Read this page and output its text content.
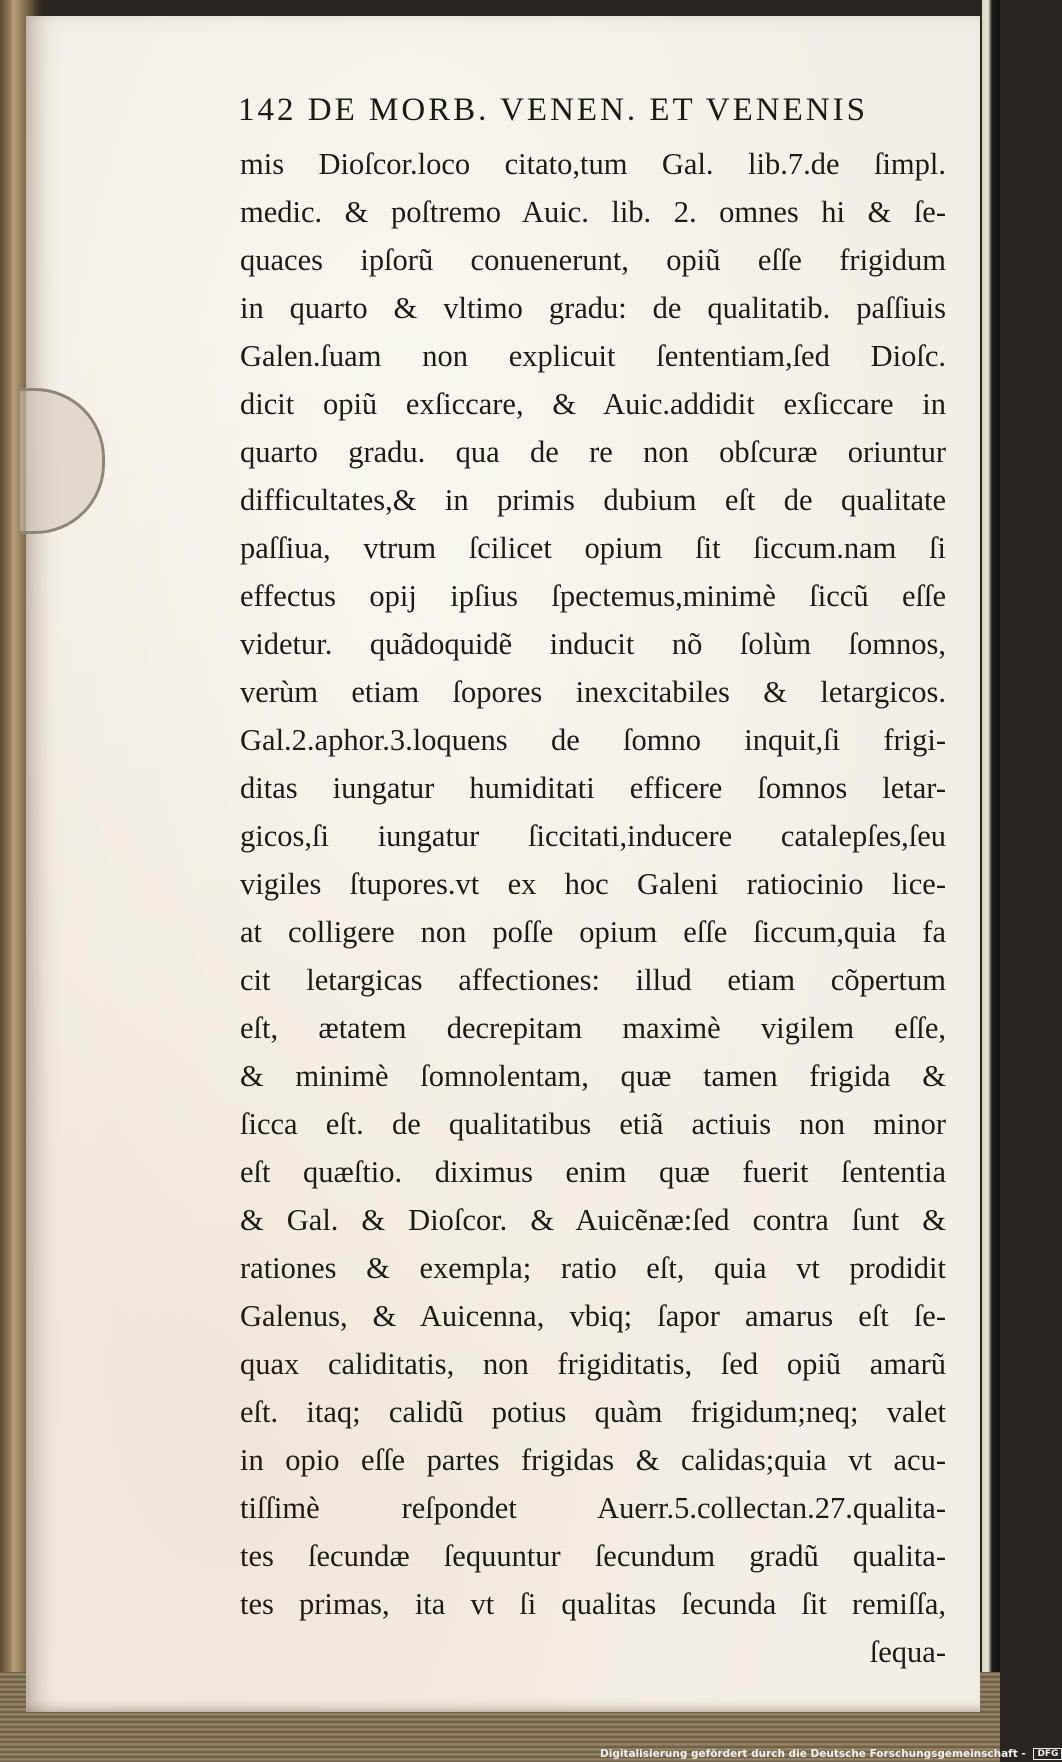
142 DE MORB. VENEN. ET VENENIS
mis Dioſcor.loco citato,tum Gal. lib.7.de ſimpl.
medic. & poſtremo Auic. lib. 2. omnes hi & ſe-
quaces ipſorũ conuenerunt, opiũ eſſe frigidum
in quarto & vltimo gradu: de qualitatib. paſſiuis
Galen.ſuam non explicuit ſententiam,ſed Dioſc.
dicit opiũ exſiccare, & Auic.addidit exſiccare in
quarto gradu. qua de re non obſcuræ oriuntur
difficultates,& in primis dubium eſt de qualitate
paſſiua, vtrum ſcilicet opium ſit ſiccum.nam ſi
effectus opij ipſius ſpectemus,minimè ſiccũ eſſe
videtur. quãdoquidẽ inducit nõ ſolùm ſomnos,
verùm etiam ſopores inexcitabiles & letargicos.
Gal.2.aphor.3.loquens de ſomno inquit,ſi frigi-
ditas iungatur humiditati efficere ſomnos letar-
gicos,ſi iungatur ſiccitati,inducere catalepſes,ſeu
vigiles ſtupores.vt ex hoc Galeni ratiocinio lice-
at colligere non poſſe opium eſſe ſiccum,quia fa
cit letargicas affectiones: illud etiam cõpertum
eſt, ætatem decrepitam maximè vigilem eſſe,
& minimè ſomnolentam, quæ tamen frigida &
ſicca eſt. de qualitatibus etiã actiuis non minor
eſt quæſtio. diximus enim quæ fuerit ſententia
& Gal. & Dioſcor. & Auicẽnæ:ſed contra ſunt &
rationes & exempla; ratio eſt, quia vt prodidit
Galenus, & Auicenna, vbiq; ſapor amarus eſt ſe-
quax caliditatis, non frigiditatis, ſed opiũ amarũ
eſt. itaq; calidũ potius quàm frigidum;neq; valet
in opio eſſe partes frigidas & calidas;quia vt acu-
tiſſimè reſpondet Auerr.5.collectan.27.qualita-
tes ſecundæ ſequuntur ſecundum gradũ qualita-
tes primas, ita vt ſi qualitas ſecunda ſit remiſſa,
ſequa-
Digitalisierung gefördert durch die Deutsche Forschungsgemeinschaft - DFG
